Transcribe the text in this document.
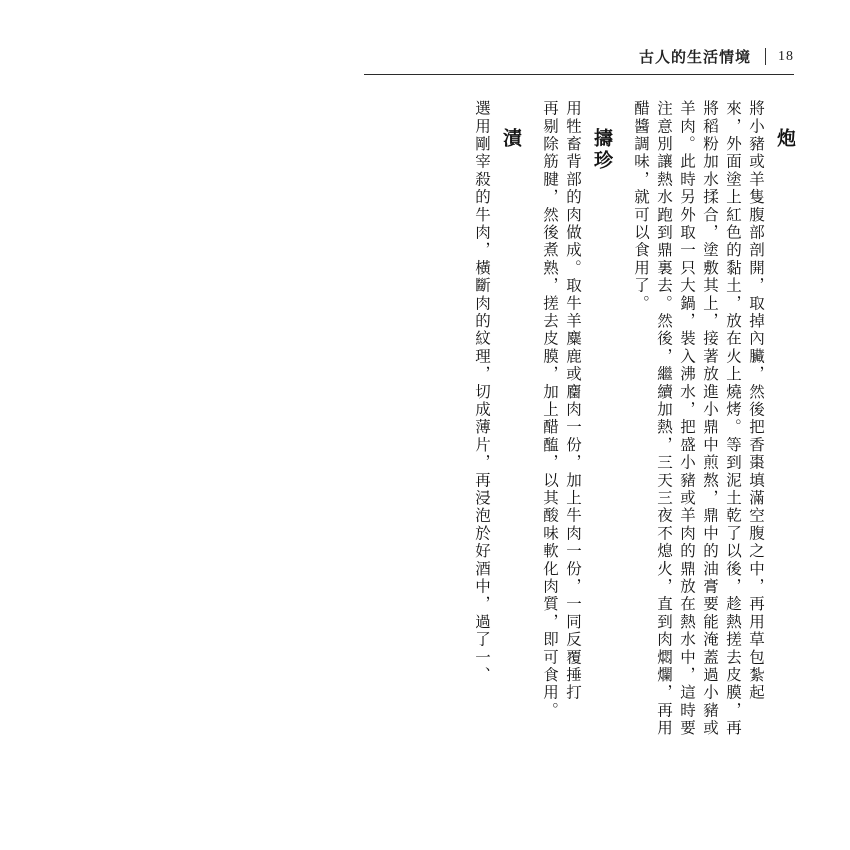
古人的生活情境 18
炮
將小豬或羊隻腹部剖開，取掉內臟，然後把香棗填滿空腹之中，再用草包紮起
來，外面塗上紅色的黏土，放在火上燒烤。等到泥土乾了以後，趁熱搓去皮膜，再
將稻粉加水揉合，塗敷其上，接著放進小鼎中煎熬，鼎中的油膏要能淹蓋過小豬或
羊肉。此時另外取一只大鍋，裝入沸水，把盛小豬或羊肉的鼎放在熱水中，這時要
注意別讓熱水跑到鼎裏去。然後，繼續加熱，三天三夜不熄火，直到肉燜爛，再用
醋醬調味，就可以食用了。
擣珍
用牲畜背部的肉做成。取牛羊麋鹿或麕肉一份，加上牛肉一份，一同反覆捶打
再剔除筋腱，然後煮熟，搓去皮膜，加上醋醢，以其酸味軟化肉質，即可食用。
漬
選用剛宰殺的牛肉，橫斷肉的紋理，切成薄片，再浸泡於好酒中，過了一、
